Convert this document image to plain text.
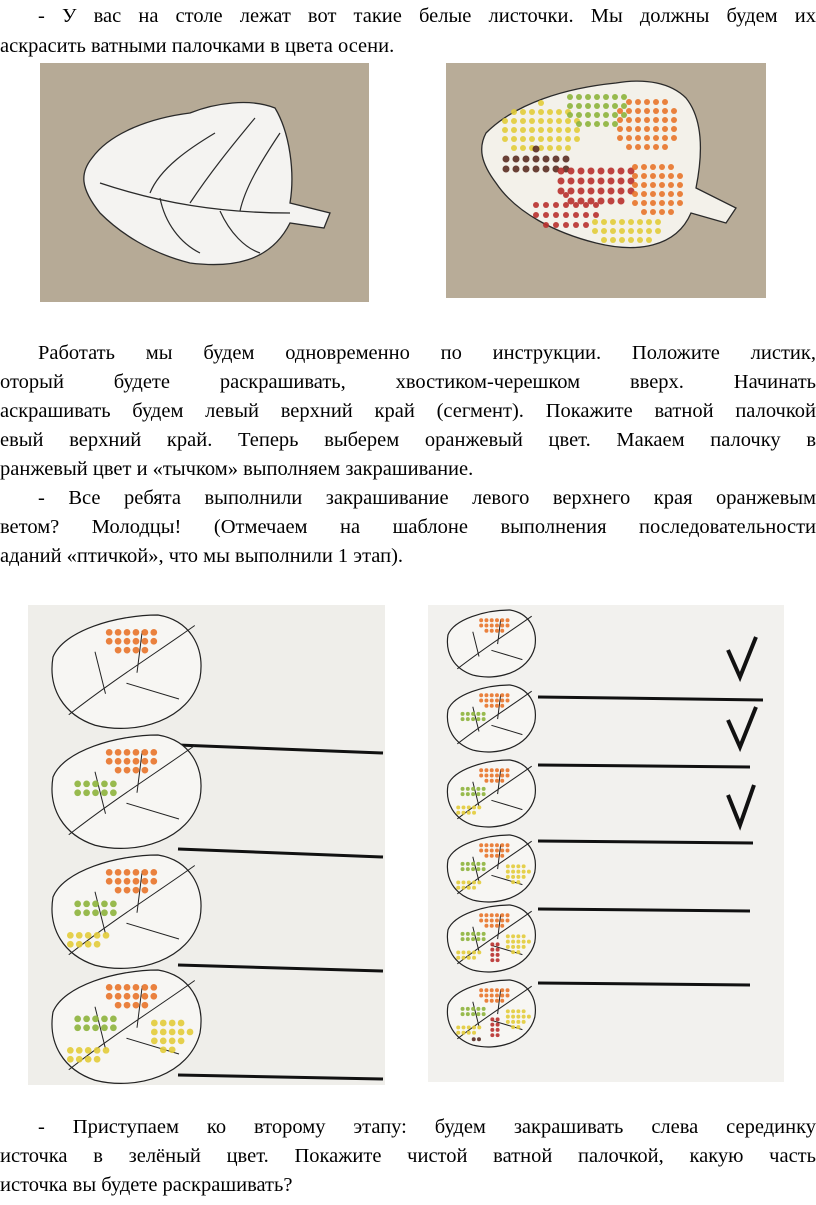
- У вас на столе лежат вот такие белые листочки. Мы должны будем их
аскрасить ватными палочками в цвета осени.
Работать мы будем одновременно по инструкции. Положите листик,
оторый будете раскрашивать, хвостиком-черешком вверх. Начинать
аскрашивать будем левый верхний край (сегмент). Покажите ватной палочкой
евый верхний край. Теперь выберем оранжевый цвет. Макаем палочку в
ранжевый цвет и «тычком» выполняем закрашивание.
- Все ребята выполнили закрашивание левого верхнего края оранжевым
ветом? Молодцы! (Отмечаем на шаблоне выполнения последовательности
аданий «птичкой», что мы выполнили 1 этап).
- Приступаем ко второму этапу: будем закрашивать слева серединку
источка в зелёный цвет. Покажите чистой ватной палочкой, какую часть
источка вы будете раскрашивать?
